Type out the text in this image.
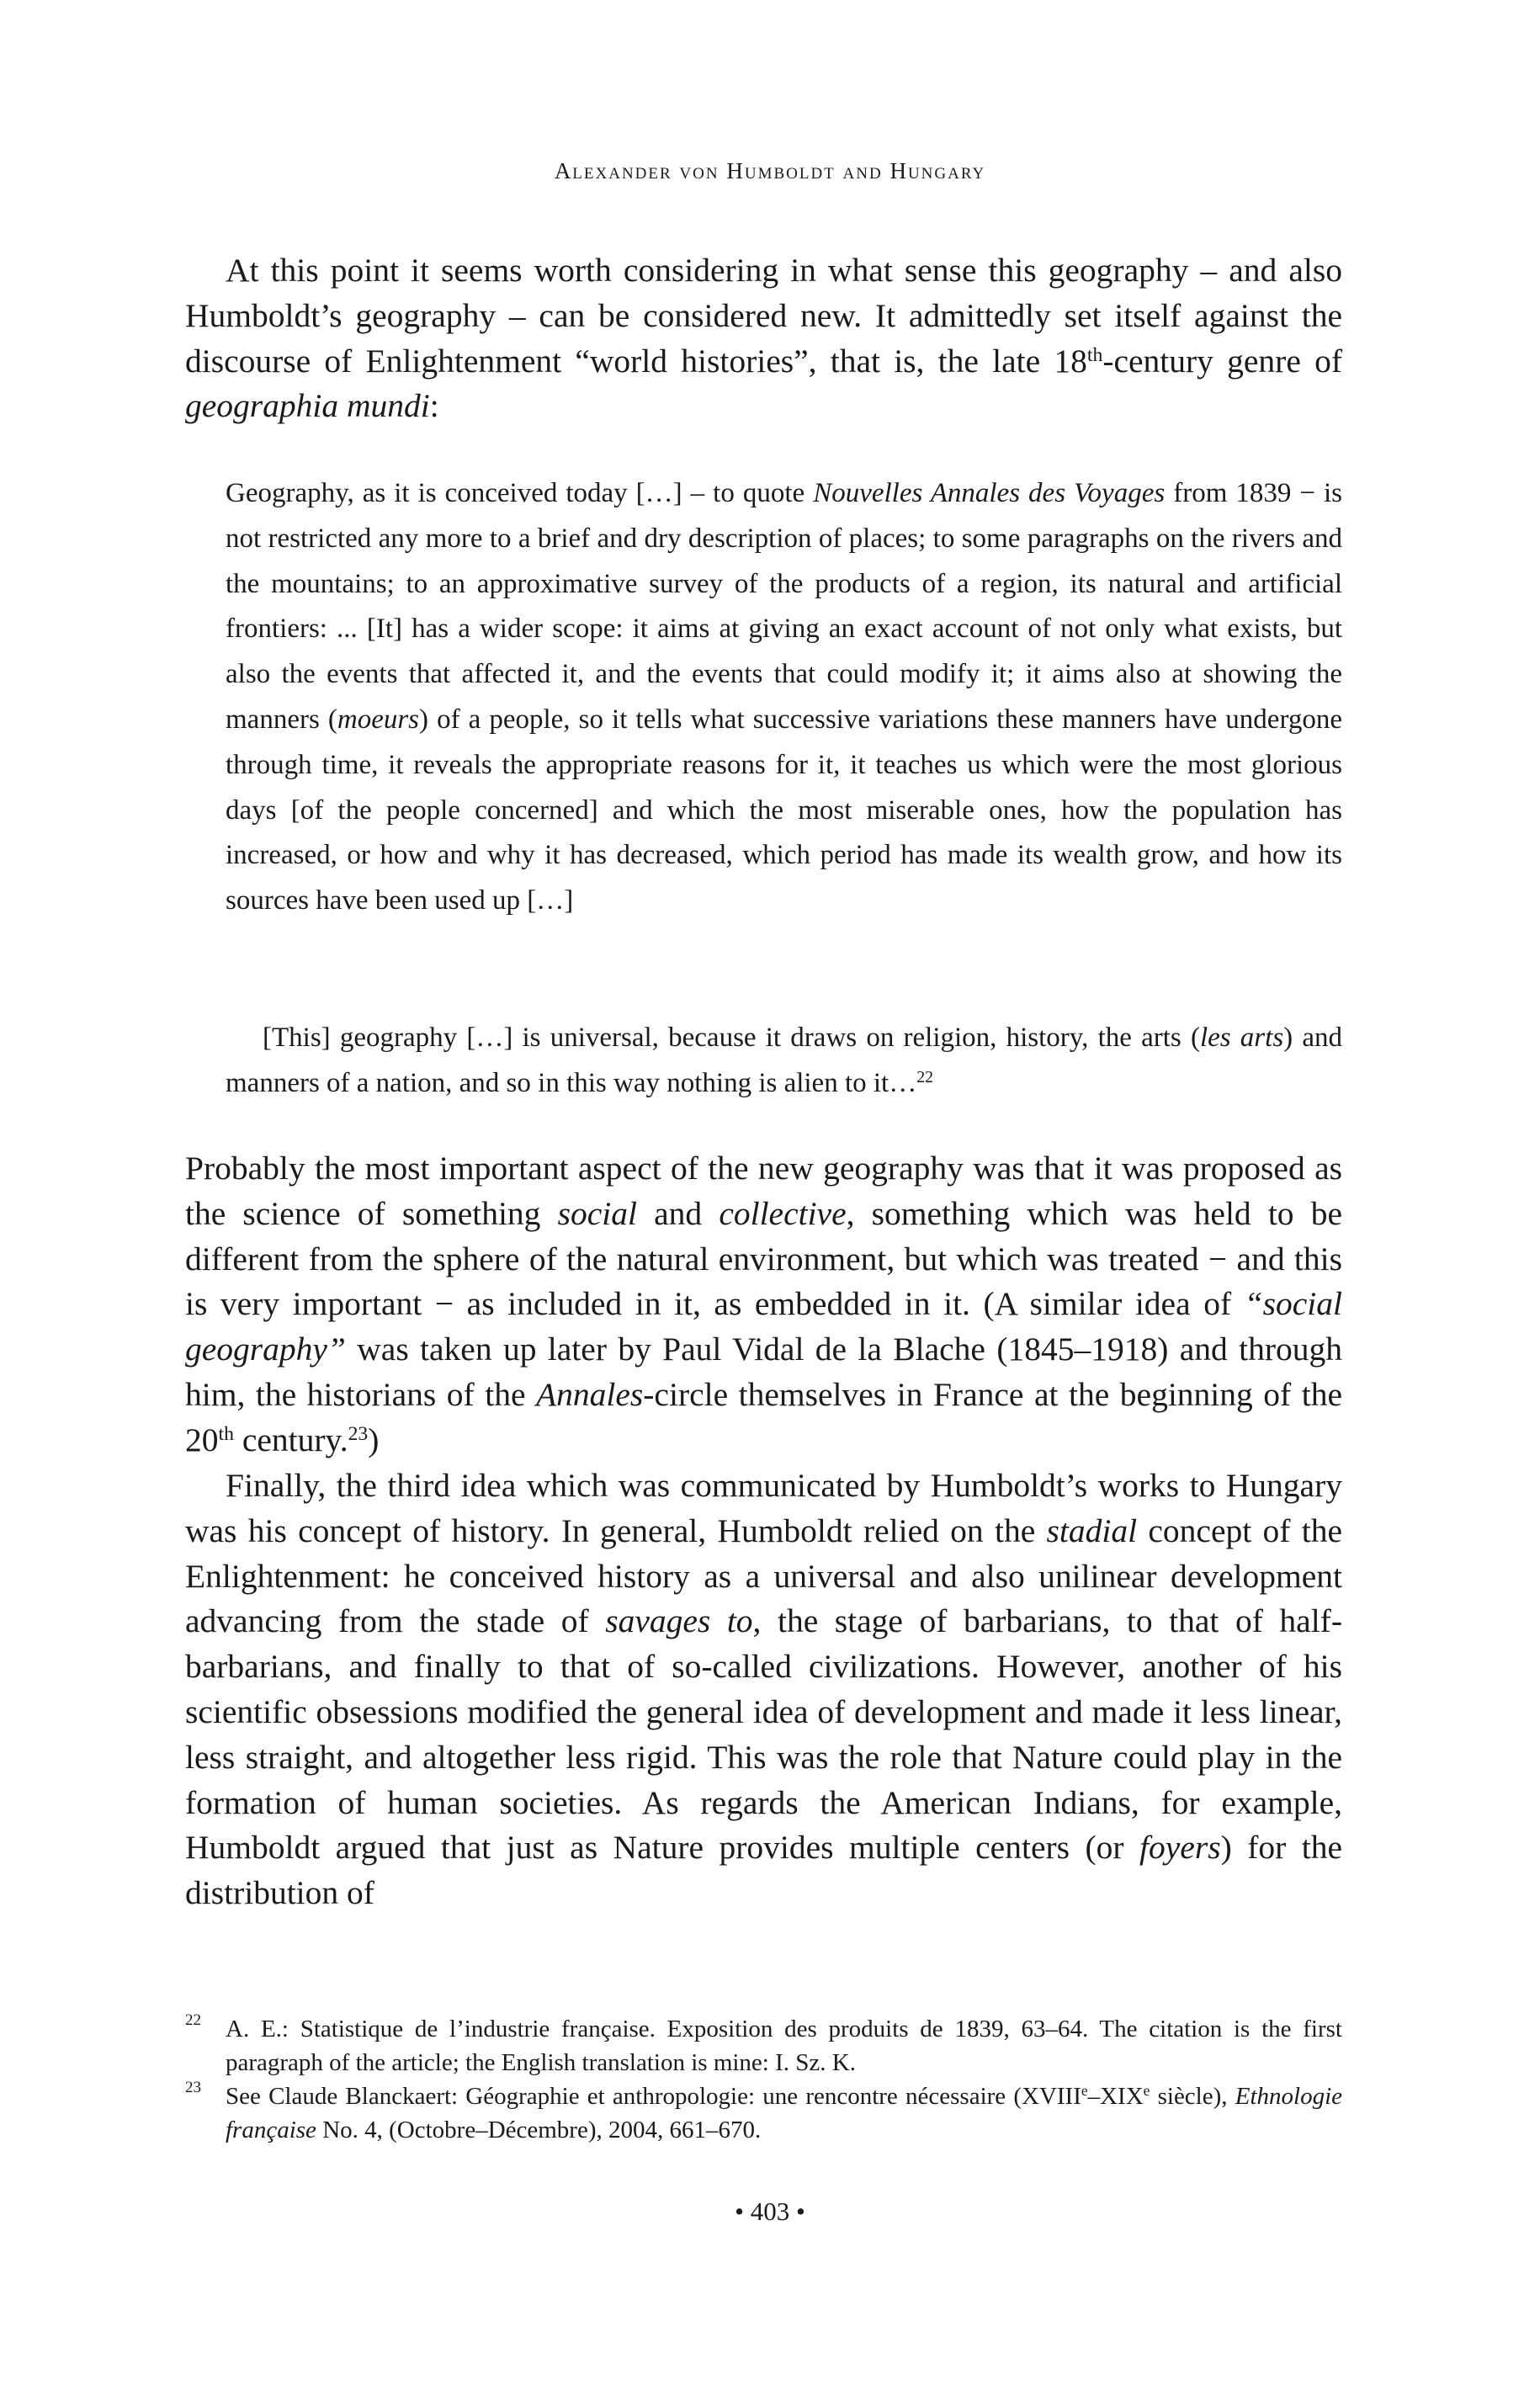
Alexander von Humboldt and Hungary

At this point it seems worth considering in what sense this geography – and also Humboldt’s geography – can be considered new. It admittedly set itself against the discourse of Enlightenment “world histories”, that is, the late 18th-century genre of geographia mundi:

Geography, as it is conceived today […] – to quote Nouvelles Annales des Voyages from 1839 − is not restricted any more to a brief and dry description of places; to some paragraphs on the rivers and the mountains; to an approximative survey of the products of a region, its natural and artificial frontiers: ... [It] has a wider scope: it aims at giving an exact account of not only what exists, but also the events that affected it, and the events that could modify it; it aims also at showing the manners (moeurs) of a people, so it tells what successive variations these manners have undergone through time, it reveals the appropriate reasons for it, it teaches us which were the most glorious days [of the people concerned] and which the most miserable ones, how the population has increased, or how and why it has decreased, which period has made its wealth grow, and how its sources have been used up […]

[This] geography […] is universal, because it draws on religion, history, the arts (les arts) and manners of a nation, and so in this way nothing is alien to it…$^{22}$

Probably the most important aspect of the new geography was that it was proposed as the science of something social and collective, something which was held to be different from the sphere of the natural environment, but which was treated − and this is very important − as included in it, as embedded in it. (A similar idea of “social geography” was taken up later by Paul Vidal de la Blache (1845–1918) and through him, the historians of the Annales-circle themselves in France at the beginning of the 20th century.$^{23}$)

Finally, the third idea which was communicated by Humboldt’s works to Hungary was his concept of history. In general, Humboldt relied on the stadial concept of the Enlightenment: he conceived history as a universal and also unilinear development advancing from the stade of savages to, the stage of barbarians, to that of half-barbarians, and finally to that of so-called civilizations. However, another of his scientific obsessions modified the general idea of development and made it less linear, less straight, and altogether less rigid. This was the role that Nature could play in the formation of human societies. As regards the American Indians, for example, Humboldt argued that just as Nature provides multiple centers (or foyers) for the distribution of

22 A. E.: Statistique de l’industrie française. Exposition des produits de 1839, 63–64. The citation is the first paragraph of the article; the English translation is mine: I. Sz. K.

23 See Claude Blanckaert: Géographie et anthropologie: une rencontre nécessaire (XVIIIe–XIXe siècle), Ethnologie française No. 4, (Octobre–Décembre), 2004, 661–670.

• 403 •
